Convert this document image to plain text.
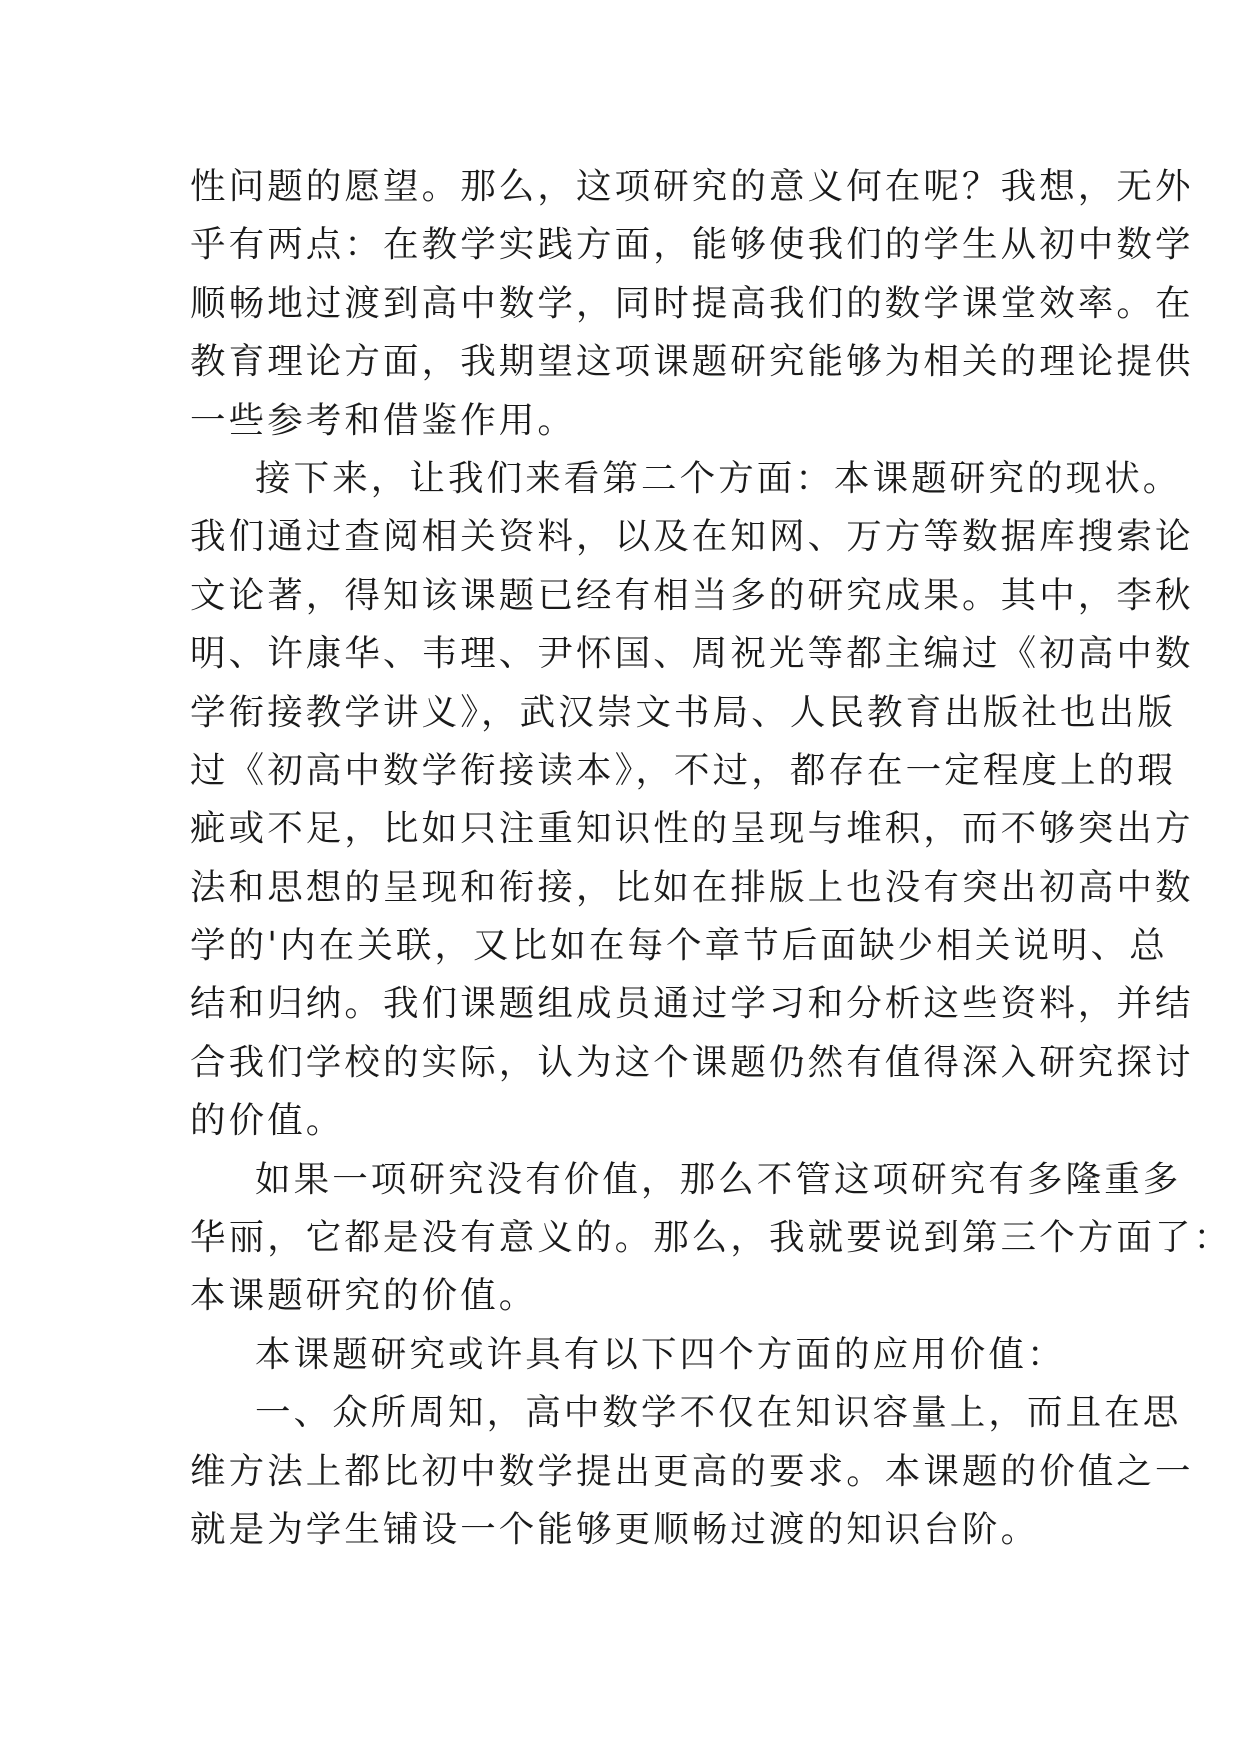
性问题的愿望。那么，这项研究的意义何在呢？我想，无外
乎有两点：在教学实践方面，能够使我们的学生从初中数学
顺畅地过渡到高中数学，同时提高我们的数学课堂效率。在
教育理论方面，我期望这项课题研究能够为相关的理论提供
一些参考和借鉴作用。
接下来，让我们来看第二个方面：本课题研究的现状。
我们通过查阅相关资料，以及在知网、万方等数据库搜索论
文论著，得知该课题已经有相当多的研究成果。其中，李秋
明、许康华、韦理、尹怀国、周祝光等都主编过《初高中数
学衔接教学讲义》，武汉崇文书局、人民教育出版社也出版
过《初高中数学衔接读本》，不过，都存在一定程度上的瑕
疵或不足，比如只注重知识性的呈现与堆积，而不够突出方
法和思想的呈现和衔接，比如在排版上也没有突出初高中数
学的'内在关联，又比如在每个章节后面缺少相关说明、总
结和归纳。我们课题组成员通过学习和分析这些资料，并结
合我们学校的实际，认为这个课题仍然有值得深入研究探讨
的价值。
如果一项研究没有价值，那么不管这项研究有多隆重多
华丽，它都是没有意义的。那么，我就要说到第三个方面了：
本课题研究的价值。
本课题研究或许具有以下四个方面的应用价值：
一、众所周知，高中数学不仅在知识容量上，而且在思
维方法上都比初中数学提出更高的要求。本课题的价值之一
就是为学生铺设一个能够更顺畅过渡的知识台阶。
